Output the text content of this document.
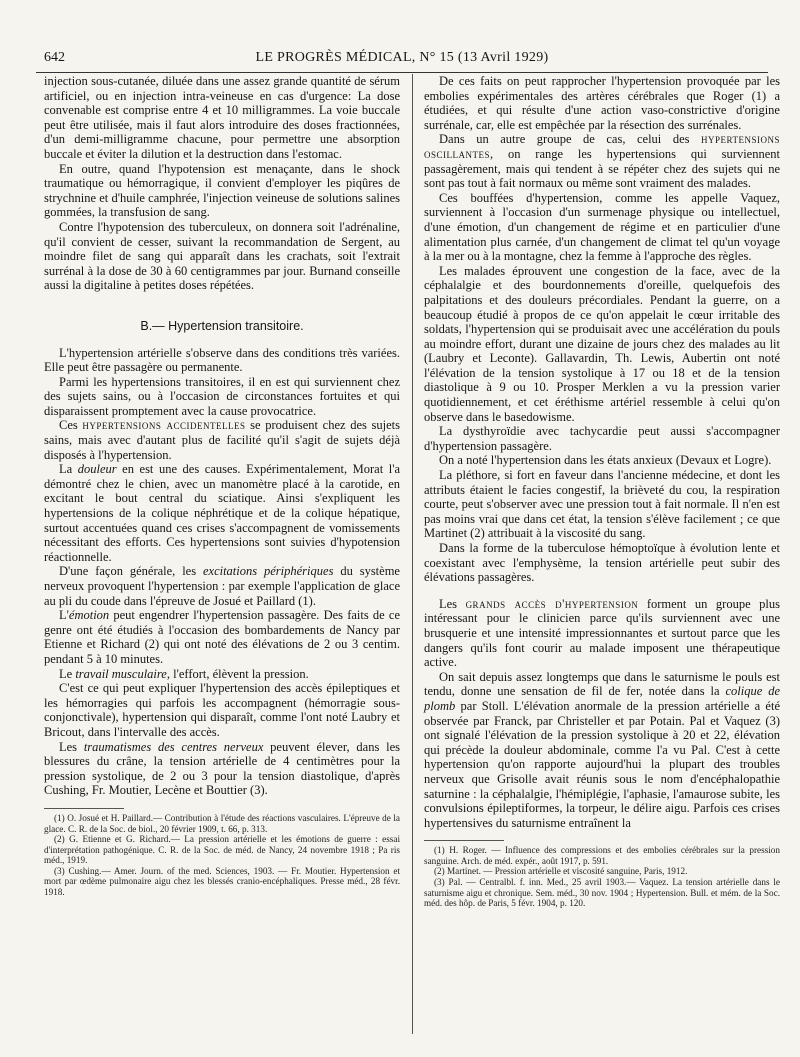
642	LE PROGRÈS MÉDICAL, N° 15 (13 Avril 1929)

injection sous-cutanée, diluée dans une assez grande quantité de sérum artificiel, ou en injection intra-veineuse en cas d'urgence: La dose convenable est comprise entre 4 et 10 milligrammes. La voie buccale peut être utilisée, mais il faut alors introduire des doses fractionnées, d'un demi-milligramme chacune, pour permettre une absorption buccale et éviter la dilution et la destruction dans l'estomac.

En outre, quand l'hypotension est menaçante, dans le shock traumatique ou hémorragique, il convient d'employer les piqûres de strychnine et d'huile camphrée, l'injection veineuse de solutions salines gommées, la transfusion de sang.

Contre l'hypotension des tuberculeux, on donnera soit l'adrénaline, qu'il convient de cesser, suivant la recommandation de Sergent, au moindre filet de sang qui apparaît dans les crachats, soit l'extrait surrénal à la dose de 30 à 60 centigrammes par jour. Burnand conseille aussi la digitaline à petites doses répétées.

B.— Hypertension transitoire.

L'hypertension artérielle s'observe dans des conditions très variées. Elle peut être passagère ou permanente.

Parmi les hypertensions transitoires, il en est qui surviennent chez des sujets sains, ou à l'occasion de circonstances fortuites et qui disparaissent promptement avec la cause provocatrice.

Ces hypertensions accidentelles se produisent chez des sujets sains, mais avec d'autant plus de facilité qu'il s'agit de sujets déjà disposés à l'hypertension.

La douleur en est une des causes. Expérimentalement, Morat l'a démontré chez le chien, avec un manomètre placé à la carotide, en excitant le bout central du sciatique. Ainsi s'expliquent les hypertensions de la colique néphrétique et de la colique hépatique, surtout accentuées quand ces crises s'accompagnent de vomissements nécessitant des efforts. Ces hypertensions sont suivies d'hypotension réactionnelle.

D'une façon générale, les excitations périphériques du système nerveux provoquent l'hypertension : par exemple l'application de glace au pli du coude dans l'épreuve de Josué et Paillard (1).

L'émotion peut engendrer l'hypertension passagère. Des faits de ce genre ont été étudiés à l'occasion des bombardements de Nancy par Etienne et Richard (2) qui ont noté des élévations de 2 ou 3 centim. pendant 5 à 10 minutes.

Le travail musculaire, l'effort, élèvent la pression.

C'est ce qui peut expliquer l'hypertension des accès épileptiques et les hémorragies qui parfois les accompagnent (hémorragie sous-conjonctivale), hypertension qui disparaît, comme l'ont noté Laubry et Bricout, dans l'intervalle des accès.

Les traumatismes des centres nerveux peuvent élever, dans les blessures du crâne, la tension artérielle de 4 centimètres pour la pression systolique, de 2 ou 3 pour la tension diastolique, d'après Cushing, Fr. Moutier, Lecène et Bouttier (3).

(1) O. Josué et H. Paillard.— Contribution à l'étude des réactions vasculaires. L'épreuve de la glace. C. R. de la Soc. de biol., 20 février 1909, t. 66, p. 313.

(2) G. Etienne et G. Richard.— La pression artérielle et les émotions de guerre : essai d'interprétation pathogénique. C. R. de la Soc. de méd. de Nancy, 24 novembre 1918 ; Pa ris méd., 1919.

(3) Cushing.— Amer. Journ. of the med. Sciences, 1903. — Fr. Moutier. Hypertension et mort par œdème pulmonaire aigu chez les blessés cranio-encéphaliques. Presse méd., 28 févr. 1918.

De ces faits on peut rapprocher l'hypertension provoquée par les embolies expérimentales des artères cérébrales que Roger (1) a étudiées, et qui résulte d'une action vaso-constrictive d'origine surrénale, car, elle est empêchée par la résection des surrénales.

Dans un autre groupe de cas, celui des hypertensions oscillantes, on range les hypertensions qui surviennent passagèrement, mais qui tendent à se répéter chez des sujets qui ne sont pas tout à fait normaux ou même sont vraiment des malades.

Ces bouffées d'hypertension, comme les appelle Vaquez, surviennent à l'occasion d'un surmenage physique ou intellectuel, d'une émotion, d'un changement de régime et en particulier d'une alimentation plus carnée, d'un changement de climat tel qu'un voyage à la mer ou à la montagne, chez la femme à l'approche des règles.

Les malades éprouvent une congestion de la face, avec de la céphalalgie et des bourdonnements d'oreille, quelquefois des palpitations et des douleurs précordiales. Pendant la guerre, on a beaucoup étudié à propos de ce qu'on appelait le cœur irritable des soldats, l'hypertension qui se produisait avec une accélération du pouls au moindre effort, durant une dizaine de jours chez des malades au lit (Laubry et Leconte). Gallavardin, Th. Lewis, Aubertin ont noté l'élévation de la tension systolique à 17 ou 18 et de la tension diastolique à 9 ou 10. Prosper Merklen a vu la pression varier quotidiennement, et cet éréthisme artériel ressemble à celui qu'on observe dans le basedowisme.

La dysthyroïdie avec tachycardie peut aussi s'accompagner d'hypertension passagère.

On a noté l'hypertension dans les états anxieux (Devaux et Logre).

La pléthore, si fort en faveur dans l'ancienne médecine, et dont les attributs étaient le facies congestif, la brièveté du cou, la respiration courte, peut s'observer avec une pression tout à fait normale. Il n'en est pas moins vrai que dans cet état, la tension s'élève facilement ; ce que Martinet (2) attribuait à la viscosité du sang.

Dans la forme de la tuberculose hémoptoïque à évolution lente et coexistant avec l'emphysème, la tension artérielle peut subir des élévations passagères.

Les grands accès d'hypertension forment un groupe plus intéressant pour le clinicien parce qu'ils surviennent avec une brusquerie et une intensité impressionnantes et surtout parce que les dangers qu'ils font courir au malade imposent une thérapeutique active.

On sait depuis assez longtemps que dans le saturnisme le pouls est tendu, donne une sensation de fil de fer, notée dans la colique de plomb par Stoll. L'élévation anormale de la pression artérielle a été observée par Franck, par Christeller et par Potain. Pal et Vaquez (3) ont signalé l'élévation de la pression systolique à 20 et 22, élévation qui précède la douleur abdominale, comme l'a vu Pal. C'est à cette hypertension qu'on rapporte aujourd'hui la plupart des troubles nerveux que Grisolle avait réunis sous le nom d'encéphalopathie saturnine : la céphalalgie, l'hémiplégie, l'aphasie, l'amaurose subite, les convulsions épileptiformes, la torpeur, le délire aigu. Parfois ces crises hypertensives du saturnisme entraînent la

(1) H. Roger. — Influence des compressions et des embolies cérébrales sur la pression sanguine. Arch. de méd. expér., août 1917, p. 591.

(2) Martinet. — Pression artérielle et viscosité sanguine, Paris, 1912.

(3) Pal. — Centralbl. f. inn. Med., 25 avril 1903.— Vaquez. La tension artérielle dans le saturnisme aigu et chronique. Sem. méd., 30 nov. 1904 ; Hypertension. Bull. et mém. de la Soc. méd. des hôp. de Paris, 5 févr. 1904, p. 120.
